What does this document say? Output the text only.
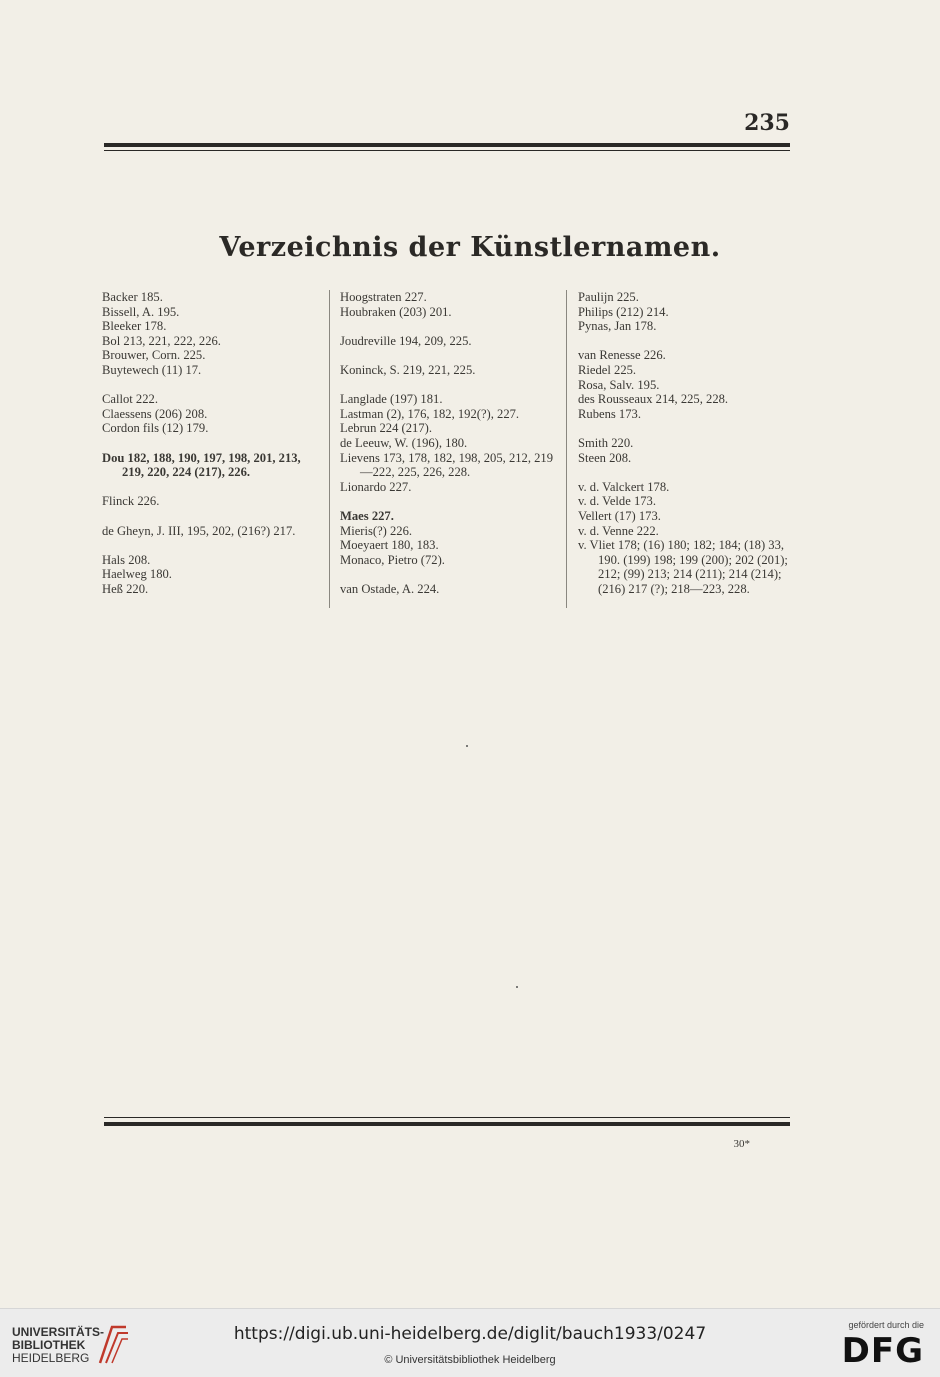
235
Verzeichnis der Künstlernamen.
Backer 185.
Bissell, A. 195.
Bleeker 178.
Bol 213, 221, 222, 226.
Brouwer, Corn. 225.
Buytewech (11) 17.
Callot 222.
Claessens (206) 208.
Cordon fils (12) 179.
Dou 182, 188, 190, 197, 198, 201, 213, 219, 220, 224 (217), 226.
Flinck 226.
de Gheyn, J. III, 195, 202, (216?) 217.
Hals 208.
Haelweg 180.
Heß 220.
Hoogstraten 227.
Houbraken (203) 201.
Joudreville 194, 209, 225.
Koninck, S. 219, 221, 225.
Langlade (197) 181.
Lastman (2), 176, 182, 192(?), 227.
Lebrun 224 (217).
de Leeuw, W. (196), 180.
Lievens 173, 178, 182, 198, 205, 212, 219—222, 225, 226, 228.
Lionardo 227.
Maes 227.
Mieris(?) 226.
Moeyaert 180, 183.
Monaco, Pietro (72).
van Ostade, A. 224.
Paulijn 225.
Philips (212) 214.
Pynas, Jan 178.
van Renesse 226.
Riedel 225.
Rosa, Salv. 195.
des Rousseaux 214, 225, 228.
Rubens 173.
Smith 220.
Steen 208.
v. d. Valckert 178.
v. d. Velde 173.
Vellert (17) 173.
v. d. Venne 222.
v. Vliet 178; (16) 180; 182; 184; (18) 33, 190. (199) 198; 199 (200); 202 (201); 212; (99) 213; 214 (211); 214 (214); (216) 217 (?); 218—223, 228.
30*
UNIVERSITÄTS-
BIBLIOTHEK
HEIDELBERG
https://digi.ub.uni-heidelberg.de/diglit/bauch1933/0247
© Universitätsbibliothek Heidelberg
gefördert durch die
DFG
